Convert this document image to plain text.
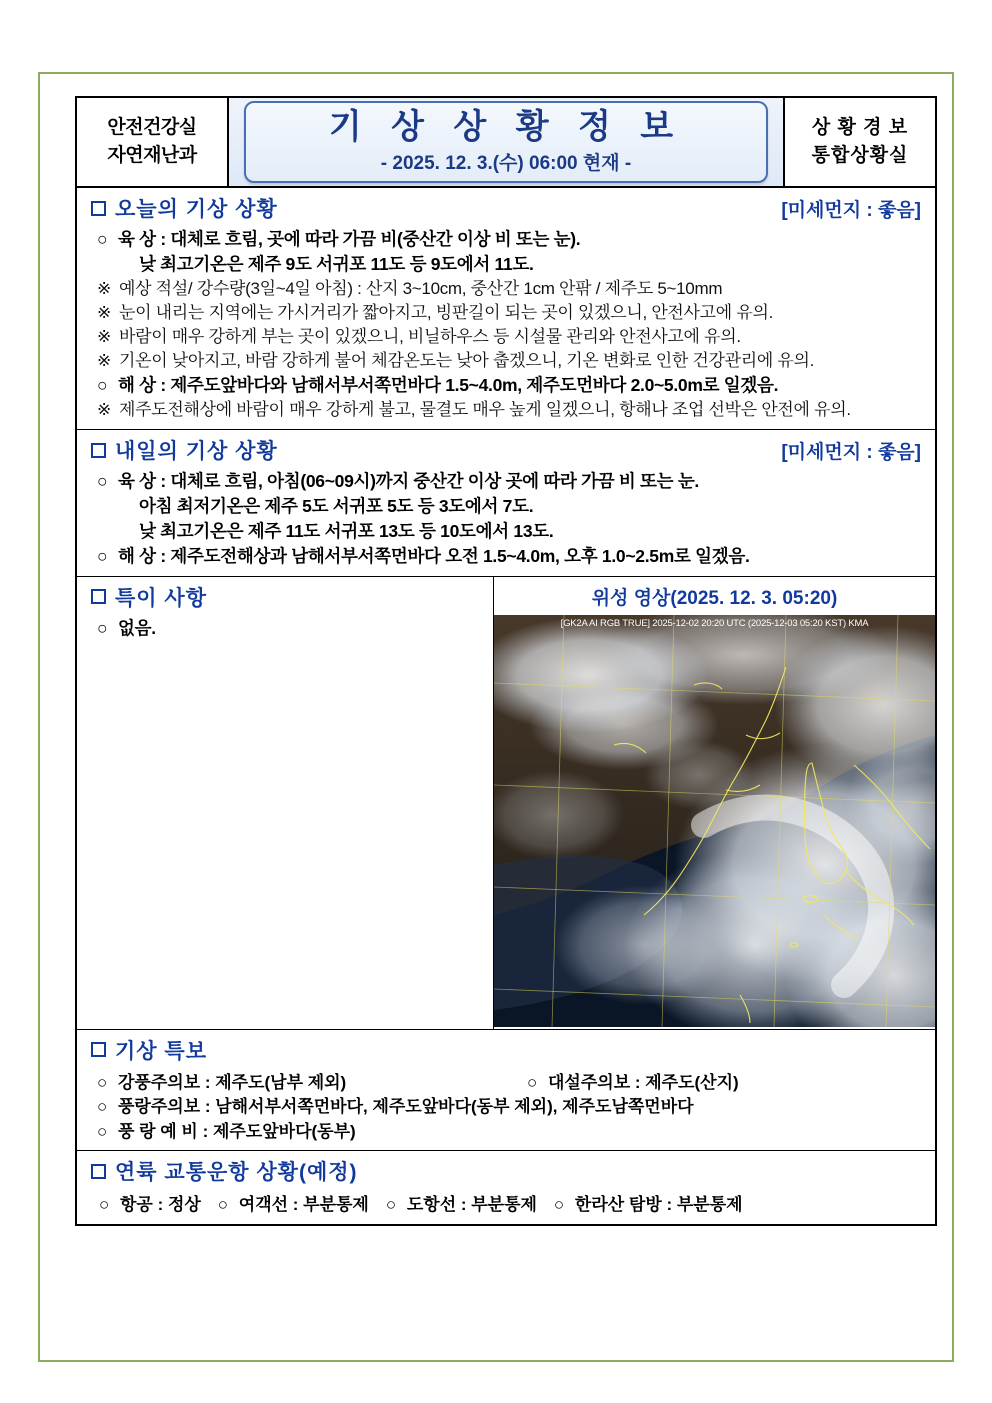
안전건강실
자연재난과
기 상 상 황 정 보
- 2025. 12. 3.(수) 06:00 현재 -
상 황 경 보
통합상황실
오늘의 기상 상황	[미세먼지 : 좋음]
○ 육 상 : 대체로 흐림, 곳에 따라 가끔 비(중산간 이상 비 또는 눈).
낮 최고기온은 제주 9도 서귀포 11도 등 9도에서 11도.
※ 예상 적설/ 강수량(3일~4일 아침) : 산지 3~10cm, 중산간 1cm 안팎 / 제주도 5~10mm
※ 눈이 내리는 지역에는 가시거리가 짧아지고, 빙판길이 되는 곳이 있겠으니, 안전사고에 유의.
※ 바람이 매우 강하게 부는 곳이 있겠으니, 비닐하우스 등 시설물 관리와 안전사고에 유의.
※ 기온이 낮아지고, 바람 강하게 불어 체감온도는 낮아 춥겠으니, 기온 변화로 인한 건강관리에 유의.
○ 해 상 : 제주도앞바다와 남해서부서쪽먼바다 1.5~4.0m, 제주도먼바다 2.0~5.0m로 일겠음.
※ 제주도전해상에 바람이 매우 강하게 불고, 물결도 매우 높게 일겠으니, 항해나 조업 선박은 안전에 유의.
내일의 기상 상황	[미세먼지 : 좋음]
○ 육 상 : 대체로 흐림, 아침(06~09시)까지 중산간 이상 곳에 따라 가끔 비 또는 눈.
아침 최저기온은 제주 5도 서귀포 5도 등 3도에서 7도.
낮 최고기온은 제주 11도 서귀포 13도 등 10도에서 13도.
○ 해 상 : 제주도전해상과 남해서부서쪽먼바다 오전 1.5~4.0m, 오후 1.0~2.5m로 일겠음.
특이 사항
○ 없음.
위성 영상(2025. 12. 3. 05:20)
[GK2A AI RGB TRUE] 2025-12-02 20:20 UTC (2025-12-03 05:20 KST) KMA
기상 특보
○ 강풍주의보 : 제주도(남부 제외)	○ 대설주의보 : 제주도(산지)
○ 풍랑주의보 : 남해서부서쪽먼바다, 제주도앞바다(동부 제외), 제주도남쪽먼바다
○ 풍 랑 예 비 : 제주도앞바다(동부)
연륙 교통운항 상황(예정)
○ 항공 : 정상 ○ 여객선 : 부분통제 ○ 도항선 : 부분통제 ○ 한라산 탐방 : 부분통제
